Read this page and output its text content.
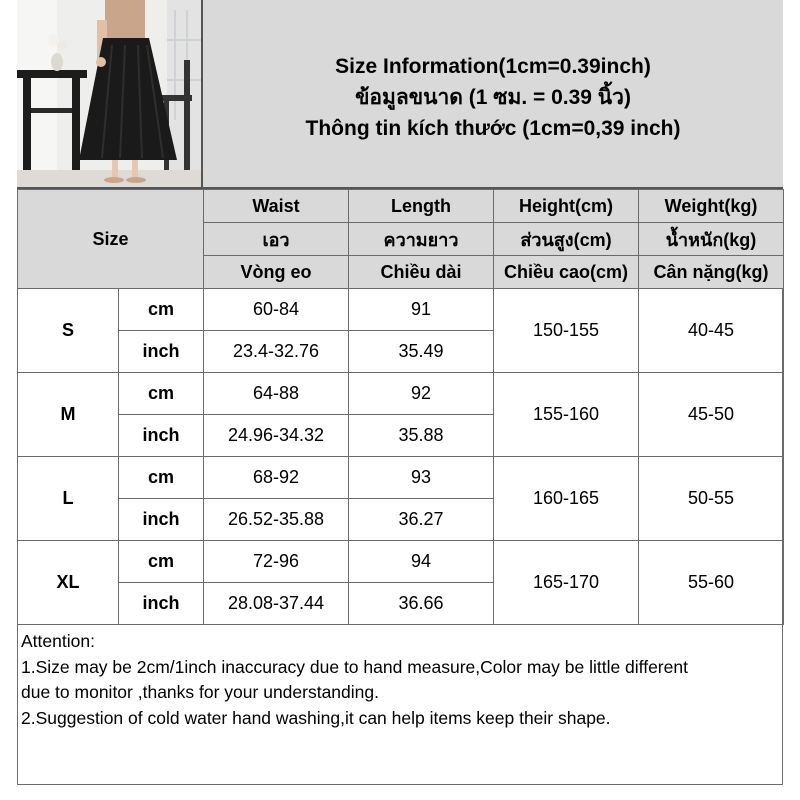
Size Information(1cm=0.39inch)
ข้อมูลขนาด (1 ซม. = 0.39 นิ้ว)
Thông tin kích thước (1cm=0,39 inch)
Size		Waist	Length	Height(cm)	Weight(kg)
		เอว	ความยาว	ส่วนสูง(cm)	น้ำหนัก(kg)
		Vòng eo	Chiều dài	Chiều cao(cm)	Cân nặng(kg)
S	cm	60-84	91	150-155	40-45
	inch	23.4-32.76	35.49		
M	cm	64-88	92	155-160	45-50
	inch	24.96-34.32	35.88		
L	cm	68-92	93	160-165	50-55
	inch	26.52-35.88	36.27		
XL	cm	72-96	94	165-170	55-60
	inch	28.08-37.44	36.66		
Attention:
1.Size may be 2cm/1inch inaccuracy due to hand measure,Color may be little different
due to monitor ,thanks for your understanding.
2.Suggestion of cold water hand washing,it can help items keep their shape.
